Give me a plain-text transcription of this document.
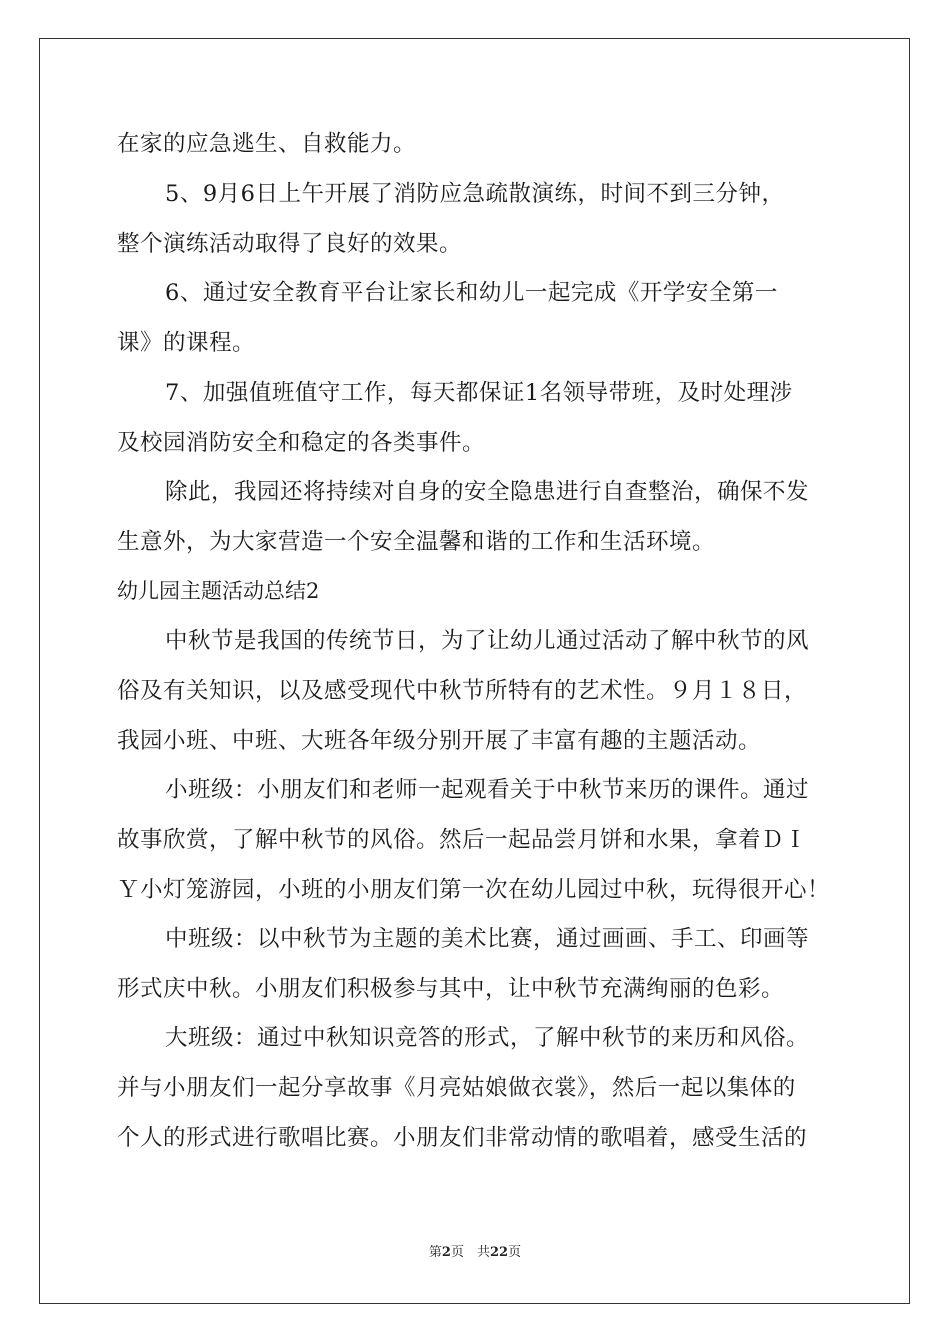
在家的应急逃生、自救能力。
5、9月6日上午开展了消防应急疏散演练，时间不到三分钟，
整个演练活动取得了良好的效果。
6、通过安全教育平台让家长和幼儿一起完成《开学安全第一
课》的课程。
7、加强值班值守工作，每天都保证1名领导带班，及时处理涉
及校园消防安全和稳定的各类事件。
除此，我园还将持续对自身的安全隐患进行自查整治，确保不发
生意外，为大家营造一个安全温馨和谐的工作和生活环境。
幼儿园主题活动总结2
中秋节是我国的传统节日，为了让幼儿通过活动了解中秋节的风
俗及有关知识，以及感受现代中秋节所特有的艺术性。９月１８日，
我园小班、中班、大班各年级分别开展了丰富有趣的主题活动。
小班级：小朋友们和老师一起观看关于中秋节来历的课件。通过
故事欣赏，了解中秋节的风俗。然后一起品尝月饼和水果，拿着ＤＩ
Ｙ小灯笼游园，小班的小朋友们第一次在幼儿园过中秋，玩得很开心！
中班级：以中秋节为主题的美术比赛，通过画画、手工、印画等
形式庆中秋。小朋友们积极参与其中，让中秋节充满绚丽的色彩。
大班级：通过中秋知识竞答的形式，了解中秋节的来历和风俗。
并与小朋友们一起分享故事《月亮姑娘做衣裳》，然后一起以集体的
个人的形式进行歌唱比赛。小朋友们非常动情的歌唱着，感受生活的
第2页　共22页
